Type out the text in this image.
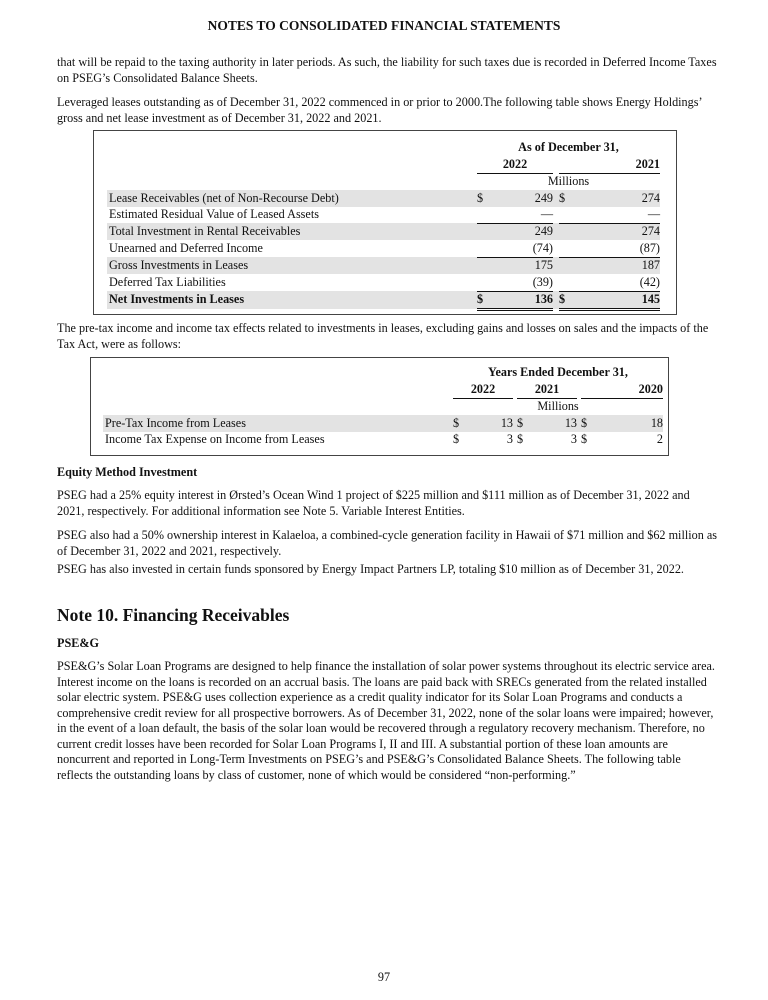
NOTES TO CONSOLIDATED FINANCIAL STATEMENTS

that will be repaid to the taxing authority in later periods. As such, the liability for such taxes due is recorded in Deferred Income Taxes on PSEG’s Consolidated Balance Sheets.

Leveraged leases outstanding as of December 31, 2022 commenced in or prior to 2000.The following table shows Energy Holdings’ gross and net lease investment as of December 31, 2022 and 2021.

	As of December 31,				
	2022			2021	
	Millions				
Lease Receivables (net of Non-Recourse Debt)	$	249		$	274
Estimated Residual Value of Leased Assets		—			—
Total Investment in Rental Receivables		249			274
Unearned and Deferred Income		(74)			(87)
Gross Investments in Leases		175			187
Deferred Tax Liabilities		(39)			(42)
Net Investments in Leases	$	136		$	145

The pre-tax income and income tax effects related to investments in leases, excluding gains and losses on sales and the impacts of the Tax Act, were as follows:

	Years Ended December 31,							
	2022			2021			2020	
	Millions							
Pre-Tax Income from Leases	$	13		$	13		$	18
Income Tax Expense on Income from Leases	$	3		$	3		$	2
Equity Method Investment

PSEG had a 25% equity interest in Ørsted’s Ocean Wind 1 project of $225 million and $111 million as of December 31, 2022 and 2021, respectively. For additional information see Note 5. Variable Interest Entities.

PSEG also had a 50% ownership interest in Kalaeloa, a combined-cycle generation facility in Hawaii of $71 million and $62 million as of December 31, 2022 and 2021, respectively.

PSEG has also invested in certain funds sponsored by Energy Impact Partners LP, totaling $10 million as of December 31, 2022.

Note 10. Financing Receivables
PSE&G

PSE&G’s Solar Loan Programs are designed to help finance the installation of solar power systems throughout its electric service area. Interest income on the loans is recorded on an accrual basis. The loans are paid back with SRECs generated from the related installed solar electric system. PSE&G uses collection experience as a credit quality indicator for its Solar Loan Programs and conducts a comprehensive credit review for all prospective borrowers. As of December 31, 2022, none of the solar loans were impaired; however, in the event of a loan default, the basis of the solar loan would be recovered through a regulatory recovery mechanism. Therefore, no current credit losses have been recorded for Solar Loan Programs I, II and III. A substantial portion of these loan amounts are noncurrent and reported in Long-Term Investments on PSEG’s and PSE&G’s Consolidated Balance Sheets. The following table reflects the outstanding loans by class of customer, none of which would be considered “non-performing.”

97
